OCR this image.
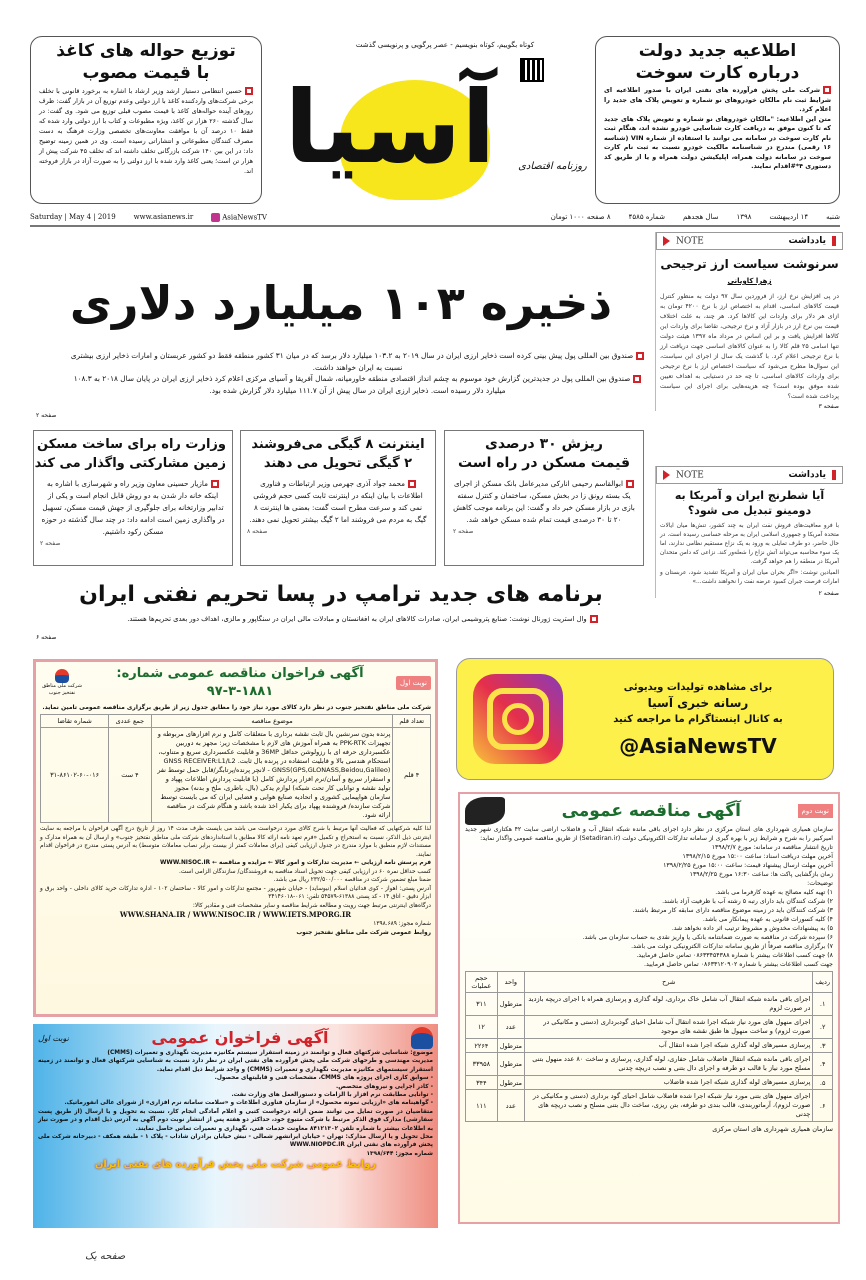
توزیع حواله های کاغذ
با قیمت مصوب
حسین انتظامی دستیار ارشد وزیر ارشاد با اشاره به برخورد قانونی با تخلف برخی شرکت‌های واردکننده کاغذ با ارز دولتی وعدم توزیع آن در بازار گفت: ظرف روزهای آینده حواله‌های کاغذ با قیمت مصوب قبلی توزیع می شود. وی گفت: در سال گذشته ۲۶۰ هزار تن کاغذ، ویژه مطبوعات و کتاب با ارز دولتی وارد شده که فقط ۱۰ درصد آن با موافقت معاونت‌های تخصصی وزارت فرهنگ به دست مصرف کنندگان مطبوعاتی و انتشاراتی رسیده است. وی در همین زمینه توضیح داد: در این بین ۱۴۰ شرکت بازرگانی تخلف داشته اند که تخلف ۴۵ شرکت پیش از هزار تن است؛ یعنی کاغذ وارد شده با ارز دولتی را به صورت آزاد در بازار فروخته اند.
کوتاه بگوییم، کوتاه بنویسیم - عصر پرگویی و پرنویسی گذشت
آسیا	روزنامه اقتصادی
اطلاعیه جدید دولت
درباره کارت سوخت
شرکت ملی پخش فرآورده های نفتی ایران با صدور اطلاعیه ای شرایط ثبت نام مالکان خودروهای نو شماره و تعویض پلاک های جدید را اعلام کرد.
متن این اطلاعیه: "مالکان خودروهای نو شماره و تعویض پلاک های جدید که تا کنون موفق به دریافت کارت شناسایی خودرو نشده اند، هنگام ثبت نام کارت سوخت در سامانه می توانند با استفاده از شماره VIN (شناسه ۱۶ رقمی) مندرج در شناسنامه مالکیت خودرو نسبت به ثبت نام کارت سوخت در سامانه دولت همراه، اپلیکیشن دولت همراه و یا از طریق کد دستوری ۴*#اقدام نمایند.
شنبه
۱۴ اردیبهشت
۱۳۹۸
سال هجدهم
شماره ۴۵۸۵
۸ صفحه ۱۰۰۰ تومان
AsiaNewsTV
www.asianews.ir
Saturday | May 4 | 2019
ذخیره ۱۰۳ میلیارد دلاری
صندوق بین المللی پول پیش بینی کرده است ذخایر ارزی ایران در سال ۲۰۱۹ به ۱۰۳.۲ میلیارد دلار برسد که در میان ۳۱ کشور منطقه فقط دو کشور عربستان و امارات ذخایر ارزی بیشتری نسبت به ایران خواهند داشت.
صندوق بین المللی پول در جدیدترین گزارش خود موسوم به چشم انداز اقتصادی منطقه خاورمیانه، شمال آفریقا و آسیای مرکزی اعلام کرد ذخایر ارزی ایران در پایان سال ۲۰۱۸ به ۱۰۸.۳ میلیارد دلار رسیده است. ذخایر ارزی ایران در سال پیش از آن ۱۱۱.۷ میلیارد دلار گزارش شده بود.
صفحه ۲
ریزش ۳۰ درصدی
قیمت مسکن در راه است
ابوالقاسم رحیمی انارکی مدیرعامل بانک مسکن از اجرای یک بسته رونق زا در بخش مسکن، ساختمان و کنترل سفته بازی در بازار مسکن خبر داد و گفت: این برنامه موجب کاهش ۲۰ تا ۳۰ درصدی قیمت تمام شده مسکن خواهد شد.
صفحه ۲
اینترنت ۸ گیگی می‌فروشند
۲ گیگی تحویل می دهند
محمد جواد آذری جهرمی وزیر ارتباطات و فناوری اطلاعات با بیان اینکه در اینترنت ثابت کسی حجم فروشی نمی کند و سرعت مطرح است گفت: بعضی ها اینترنت ۸ گیگ به مردم می فروشند اما ۲ گیگ بیشتر تحویل نمی دهند.
صفحه ۸
وزارت راه برای ساخت مسکن
زمین مشارکتی واگذار می کند
مازیار حسینی معاون وزیر راه و شهرسازی با اشاره به اینکه خانه دار شدن به دو روش قابل انجام است و یکی از تدابیر وزارتخانه برای جلوگیری از جهش قیمت مسکن، تسهیل در واگذاری زمین است ادامه داد: در چند سال گذشته در حوزه مسکن رکود داشتیم.
صفحه ۲
برنامه های جدید ترامپ در پسا تحریم نفتی ایران
وال استریت ژورنال نوشت: صنایع پتروشیمی ایران، صادرات کالاهای ایران به افغانستان و مبادلات مالی ایران در سنگاپور و مالزی، اهداف دور بعدی تحریم‌ها هستند.
صفحه ۶
NOTE	یادداشت
سرنوشت سیاست ارز ترجیحی
زهرا کاویانی
در پی افزایش نرخ ارز، از فروردین سال ۹۷ دولت به منظور کنترل قیمت کالاهای اساسی، اقدام به اختصاص ارز با نرخ ۴۲۰۰ تومان به ازای هر دلار برای واردات این کالاها کرد. هر چند، به علت اختلاف قیمت بین نرخ ارز در بازار آزاد و نرخ ترجیحی، تقاضا برای واردات این کالاها افزایش یافت و بر این اساس در مرداد ماه ۱۳۹۷ هیئت دولت تنها اسامی ۲۵ قلم کالا را به عنوان کالاهای اساسی جهت دریافت ارز با نرخ ترجیحی اعلام کرد. با گذشت یک سال از اجرای این سیاست، این سوال‌ها مطرح می‌شود که سیاست اختصاص ارز با نرخ ترجیحی برای واردات کالاهای اساسی، تا چه حد در دستیابی به اهداف تعیین شده موفق بوده است؟ چه هزینه‌هایی برای اجرای این سیاست پرداخت شده است؟
صفحه ۳
NOTE	یادداشت
آیا شطرنج ایران و آمریکا به دومینو تبدیل می شود؟
با فرو معافیت‌های فروش نفت ایران به چند کشور، تنش‌ها میان ایالات متحده آمریکا و جمهوری اسلامی ایران به مرحله حساسی رسیده است. در حال حاضر، دو طرف تمایلی به ورود به یک نزاع مستقیم نظامی ندارند، اما یک سوء محاسبه می‌تواند آتش نزاع را شعله‌ور کند. نزاعی که دامن متحدان آمریکا در منطقه را هم خواهد گرفت.
المیادین نوشت: «اگر بحران میان ایران و آمریکا تشدید شود، عربستان و امارات فرصت جبران کمبود عرضه نفت را نخواهند داشت...»
صفحه ۲
نوبت اول
آگهی فراخوان مناقصه عمومی شماره: ۱۸۸۱-۳-۹۷
شرکت ملی مناطق نفتخیز جنوب
شرکت ملی مناطق نفتخیز جنوب در نظر دارد کالای مورد نیاز خود را مطابق جدول زیر از طریق برگزاری مناقصه عمومی تامین نماید.
تعداد قلم	موضوع مناقصه	جمع عددی	شماره تقاضا
۴ قلم	پرنده بدون سرنشین بال ثابت نقشه برداری با متعلقات کامل و نرم افزارهای مربوطه و تجهیزات PPK-RTK به همراه آموزش های لازم با مشخصات زیر: مجهز به دوربین عکسبرداری حرفه ای با رزولوشن حداقل 36MP و قابلیت عکسبرداری سریع و متناوب، استحکام هندسی بالا و قابلیت استفاده در پرنده بال ثابت. GNSS RECEIVER:L1/L2 GNSS(GPS,GLONASS,Beidou,Galileo) - لانچر پرنده/پرتابگر/قابل حمل توسط نفر و استقرار سریع و آسان/نرم افزار پردازش کامل (با قابلیت پردازش اطلاعات پهپاد و تولید نقشه و توانایی کار تحت شبکه) لوازم یدکی (بال، باطری، ملخ و بدنه) مجوز سازمان هواپیمایی کشوری و اتحادیه صنایع هوایی و فضایی ایران که می بایست توسط شرکت سازنده/ فروشنده پهپاد برای یکبار اخذ شده باشد و هنگام شرکت در مناقصه ارائه شود.	۴ ست	۳۱-۸۶۱۰۲-۶۰-۰۱۶
لذا کلیه شرکتهایی که فعالیت آنها مرتبط با شرح کالای مورد درخواست می باشد می بایست ظرف مدت ۱۴ روز از تاریخ درج آگهی فراخوان با مراجعه به سایت اینترنتی ذیل الذکر، نسبت به استخراج و تکمیل «فرم تعهد نامه ارائه کالا مطابق با استانداردهای شرکت ملی مناطق نفتخیز جنوب» و ارسال آن به همراه مدارک و مستندات لازم منطبق با موارد مندرج در جدول ارزیابی کیفی (برای معاملات کمتر از بیست برابر نصاب معاملات متوسط) به آدرس پستی مندرج در فراخوان اقدام نمایند.
فرم پرسش نامه ارزیابی ← مدیریت تدارکات و امور کالا ← مزایده و مناقصه ← WWW.NISOC.IR
کسب حداقل نمره ۶۰ در ارزیابی کیفی جهت تحویل اسناد مناقصه به فروشندگان/ سازندگان الزامی است.
ضمنا مبلغ تضمین شرکت در مناقصه ۲۳۲/۵۰۰/۰۰۰ ریال می باشد.
آدرس پستی: اهواز - کوی فدائیان اسلام (نیوساید) - خیابان شهریور - مجتمع تدارکات و امور کالا - ساختمان ۱۰۲ - اداره تدارکات خرید کالای داخلی - واحد برق و ابزار دقیق - اتاق ۱۴ - کد پستی ۶۱۳۸۸-۵۴۵۷۹ تلفن: ۰۶۱-۳۴۱۴۶۰۱۸
درگاه‌های اینترنتی مرتبط جهت رویت و مطالعه شرایط مناقصه و سایر مشخصات فنی و مقادیر کالا:
WWW.SHANA.IR / WWW.NISOC.IR / WWW.IETS.MPORG.IR
شماره مجوز: ۱۳۹۸.۶۸۹
روابط عمومی شرکت ملی مناطق نفتخیز جنوب
برای مشاهده تولیدات ویدیوئی
رسانه خبری آسیا
به کانال اینستاگرام ما مراجعه کنید
@AsiaNewsTV
نوبت دوم
آگهی مناقصه عمومی
سازمان همیاری شهرداری های استان مرکزی در نظر دارد اجرای باقی مانده شبکه انتقال آب و فاضلاب اراضی سایت ۴۲ هکتاری شهر جدید امیرکبیر را به شرح و شرایط زیر با بهره گیری از سامانه تدارکات الکترونیکی دولت (Setadiran.ir) از طریق مناقصه عمومی واگذار نماید:
تاریخ انتشار مناقصه در سامانه: مورخ ۱۳۹۸/۲/۷
آخرین مهلت دریافت اسناد: ساعت ۱۵:۰۰ مورخ ۱۳۹۸/۲/۱۵
آخرین مهلت ارسال پیشنهاد قیمت: ساعت ۱۵:۰۰ مورخ ۱۳۹۸/۲/۲۵
زمان بازگشایی پاکت ها: ساعت ۱۶:۳۰ مورخ ۱۳۹۸/۲/۲۵
توضیحات:
۱) تهیه کلیه مصالح به عهده کارفرما می باشد.
۲) شرکت کنندگان باید دارای رتبه ۵ رشته آب با ظرفیت آزاد باشند.
۳) شرکت کنندگان باید در زمینه موضوع مناقصه دارای سابقه کار مرتبط باشند.
۴) کلیه کسورات قانونی به عهده پیمانکار می باشد.
۵) به پیشنهادات مخدوش و مشروط ترتیب اثر داده نخواهد شد.
۶) سپرده شرکت در مناقصه به صورت ضمانتنامه بانکی یا واریز نقدی به حساب سازمان می باشد.
۷) برگزاری مناقصه صرفاً از طریق سامانه تدارکات الکترونیکی دولت می باشد.
۸) جهت کسب اطلاعات بیشتر با شماره ۰۸۶۳۳۴۵۴۳۸۸ تماس حاصل فرمایید.
جهت کسب اطلاعات بیشتر با شماره ۰۸۶۳۳۱۲۰۹۰۲ تماس حاصل فرمایید.
ردیف	شرح	واحد	حجم عملیات
۱.	اجرای باقی مانده شبکه انتقال آب شامل خاک برداری، لوله گذاری و پرسازی همراه با اجرای دریچه بازدید در صورت لزوم	مترطول	۳۱۱
۲.	اجرای منهول های مورد نیاز شبکه اجرا شده انتقال آب شامل احیای گودبرداری (دستی و مکانیکی در صورت لزوم) و ساخت منهول ها طبق نقشه های موجود	عدد	۱۲
۳.	پرسازی مسیرهای لوله گذاری شبکه اجرا شده انتقال آب	مترطول	۲۲۶۴
۴.	اجرای باقی مانده شبکه انتقال فاضلاب شامل حفاری، لوله گذاری، پرسازی و ساخت ۸۰ عدد منهول بتنی مسلح مورد نیاز با قالب دو طرفه و اجرای دال بتنی و نصب دریچه چدنی	مترطول	۳۳۹۵۸
۵.	پرسازی مسیرهای لوله گذاری شبکه اجرا شده فاضلاب	مترطول	۳۴۴
۶.	اجرای منهول های بتنی مورد نیاز شبکه اجرا شده فاضلاب شامل احیای گود برداری (دستی و مکانیکی در صورت لزوم)، آرماتوربندی، قالب بندی دو طرفه، بتن ریزی، ساخت دال بتنی مسلح و نصب دریچه های چدنی	عدد	۱۱۱
سازمان همیاری شهرداری های استان مرکزی
آگهی فراخوان عمومی
نوبت اول
موضوع: شناسایی شرکتهای فعال و توانمند در زمینه استقرار سیستم مکانیزه مدیریت نگهداری و تعمیرات (CMMS)
مدیریت مهندسی و طرحهای شرکت ملی پخش فرآورده های نفتی ایران در نظر دارد نسبت به شناسایی شرکتهای فعال و توانمند در زمینه استقرار سیستمهای مکانیزه مدیریت نگهداری و تعمیرات (CMMS) و واجد شرایط ذیل اقدام نماید.
- سوابق کاری اجرای پروژه های CMMS، مشخصات فنی و قابلیتهای محصول.
- کادر اجرایی و نیروهای متخصص.
- توانایی مطابقت نرم افزار با الزامات و دستورالعمل های وزارت نفت.
- گواهینامه های «ارزیابی نمونه محصول» از سازمان فناوری اطلاعات و «سلامت سامانه نرم افزاری» از شورای عالی انفورماتیک.
متقاضیان در صورت تمایل می توانند ضمن ارائه درخواست کتبی و اعلام آمادگی انجام کار، نسبت به تحویل و یا ارسال (از طریق پست سفارشی) مدارک فوق الذکر مرتبط با شرکت متبوع خود، حداکثر دو هفته پس از انتشار نوبت دوم آگهی به آدرس ذیل اقدام و در صورت نیاز به اطلاعات بیشتر با شماره تلفن ۸۴۱۲۱۳۰۲ معاونت خدمات فنی، نگهداری و تعمیرات تماس حاصل نمایند.
محل تحویل و یا ارسال مدارک: تهران - خیابان ایرانشهر شمالی - نبش خیابان برادران شاداب - پلاک ۱ - طبقه همکف - دبیرخانه شرکت ملی پخش فرآورده های نفتی ایران WWW.NIOPDC.IR
شماره مجوز: ۱۳۹۸/۶۴۴
روابط عمومی شرکت ملی پخش فرآورده های نفتی ایران
صفحه یک
